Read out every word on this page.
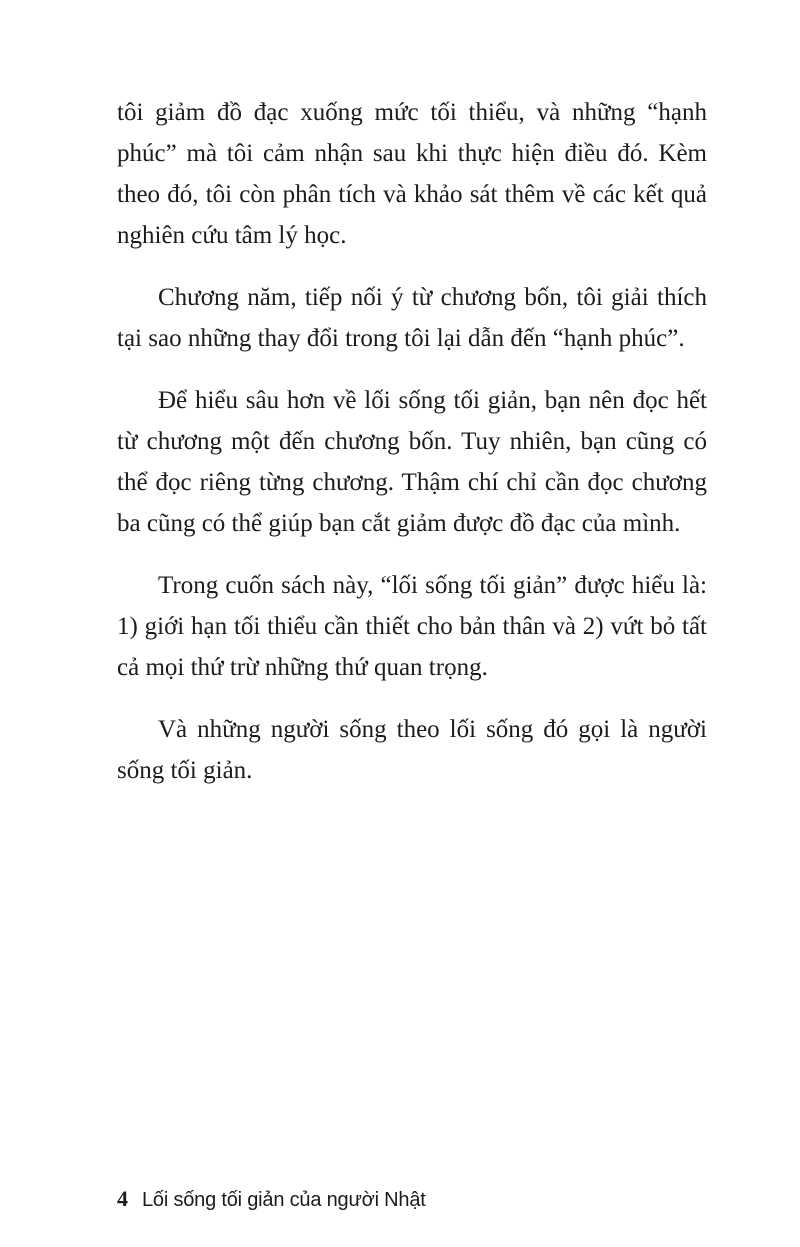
tôi giảm đồ đạc xuống mức tối thiểu, và những “hạnh phúc” mà tôi cảm nhận sau khi thực hiện điều đó. Kèm theo đó, tôi còn phân tích và khảo sát thêm về các kết quả nghiên cứu tâm lý học.

Chương năm, tiếp nối ý từ chương bốn, tôi giải thích tại sao những thay đổi trong tôi lại dẫn đến “hạnh phúc”.

Để hiểu sâu hơn về lối sống tối giản, bạn nên đọc hết từ chương một đến chương bốn. Tuy nhiên, bạn cũng có thể đọc riêng từng chương. Thậm chí chỉ cần đọc chương ba cũng có thể giúp bạn cắt giảm được đồ đạc của mình.

Trong cuốn sách này, “lối sống tối giản” được hiểu là: 1) giới hạn tối thiểu cần thiết cho bản thân và 2) vứt bỏ tất cả mọi thứ trừ những thứ quan trọng.

Và những người sống theo lối sống đó gọi là người sống tối giản.

4 Lối sống tối giản của người Nhật
